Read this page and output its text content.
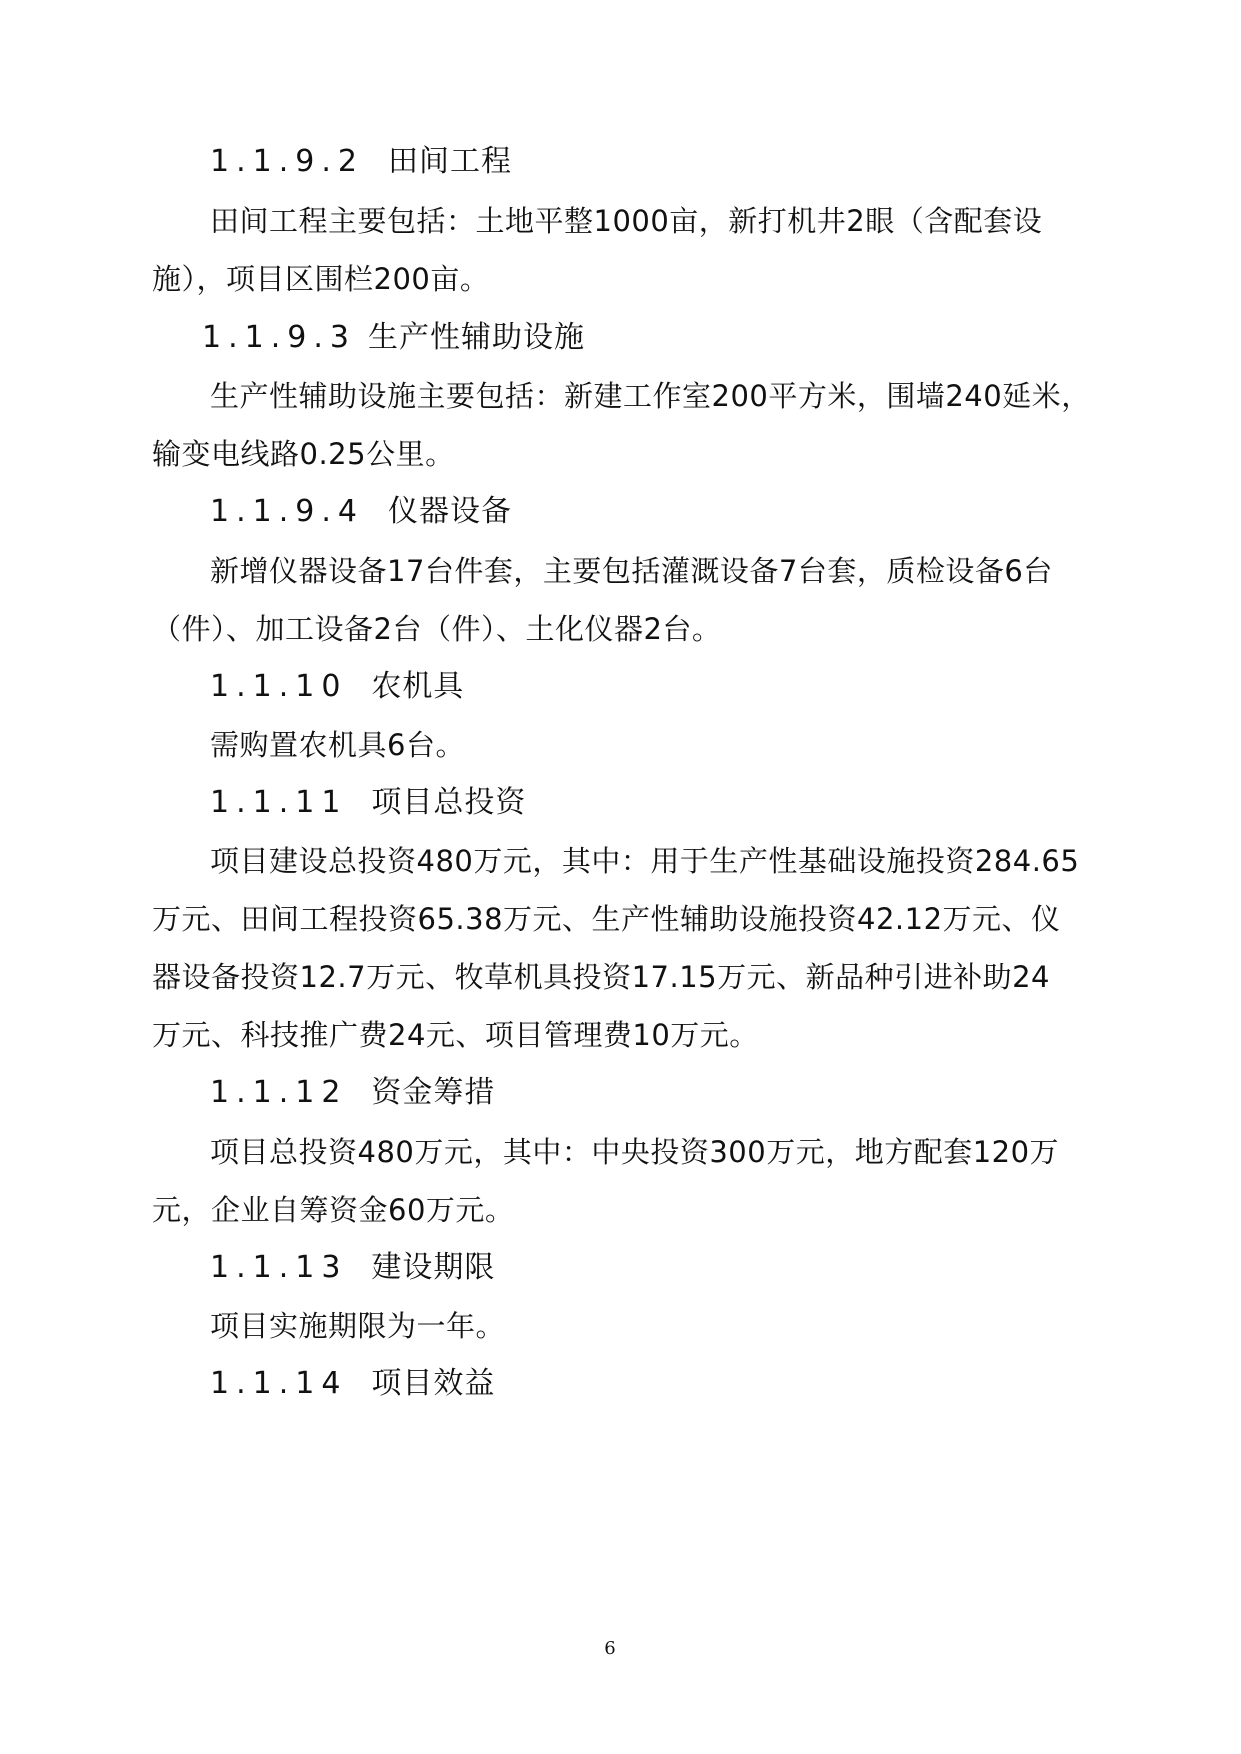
1.1.9.2 田间工程

田间工程主要包括：土地平整1000亩，新打机井2眼（含配套设

施），项目区围栏200亩。

1.1.9.3 生产性辅助设施

生产性辅助设施主要包括：新建工作室200平方米，围墙240延米，

输变电线路0.25公里。

1.1.9.4 仪器设备

新增仪器设备17台件套，主要包括灌溉设备7台套，质检设备6台

（件）、加工设备2台（件）、土化仪器2台。

1.1.10 农机具

需购置农机具6台。

1.1.11 项目总投资

项目建设总投资480万元，其中：用于生产性基础设施投资284.65

万元、田间工程投资65.38万元、生产性辅助设施投资42.12万元、仪

器设备投资12.7万元、牧草机具投资17.15万元、新品种引进补助24

万元、科技推广费24元、项目管理费10万元。

1.1.12 资金筹措

项目总投资480万元，其中：中央投资300万元，地方配套120万

元，企业自筹资金60万元。

1.1.13 建设期限

项目实施期限为一年。

1.1.14 项目效益

6
